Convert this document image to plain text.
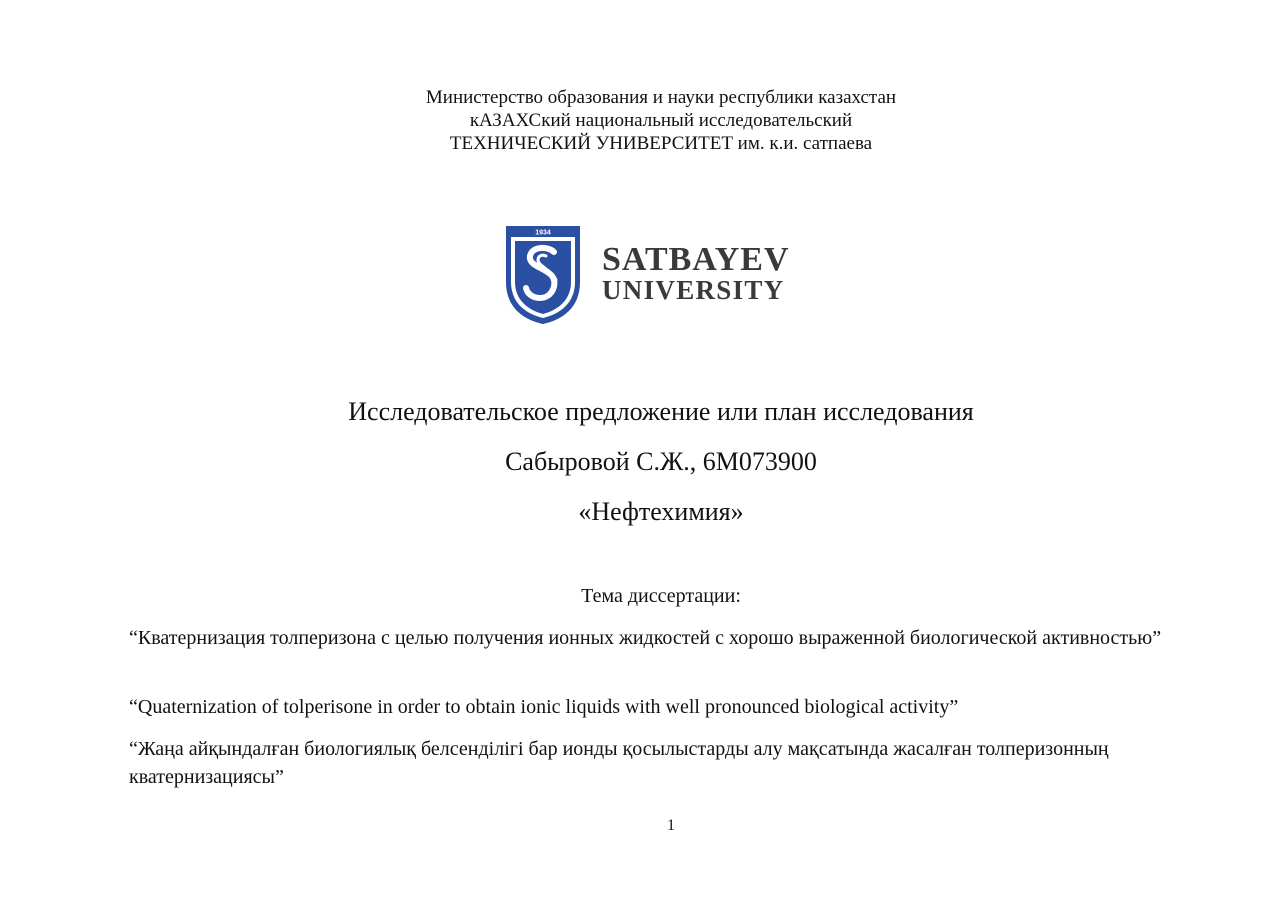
Министерство образования и науки республики казахстан
кАЗАХСкий национальный исследовательский
ТЕХНИЧЕСКИЙ УНИВЕРСИТЕТ им. к.и. сатпаева
1934
SATBAYEV
UNIVERSITY
Исследовательское предложение или план исследования
Сабыровой С.Ж., 6М073900
«Нефтехимия»
Тема диссертации:
“Кватернизация толперизона с целью получения ионных жидкостей с хорошо выраженной биологической активностью”
“Quaternization of tolperisone in order to obtain ionic liquids with well pronounced biological activity”
“Жаңа айқындалған биологиялық белсенділігі бар ионды қосылыстарды алу мақсатында жасалған толперизонның кватернизациясы”
1
